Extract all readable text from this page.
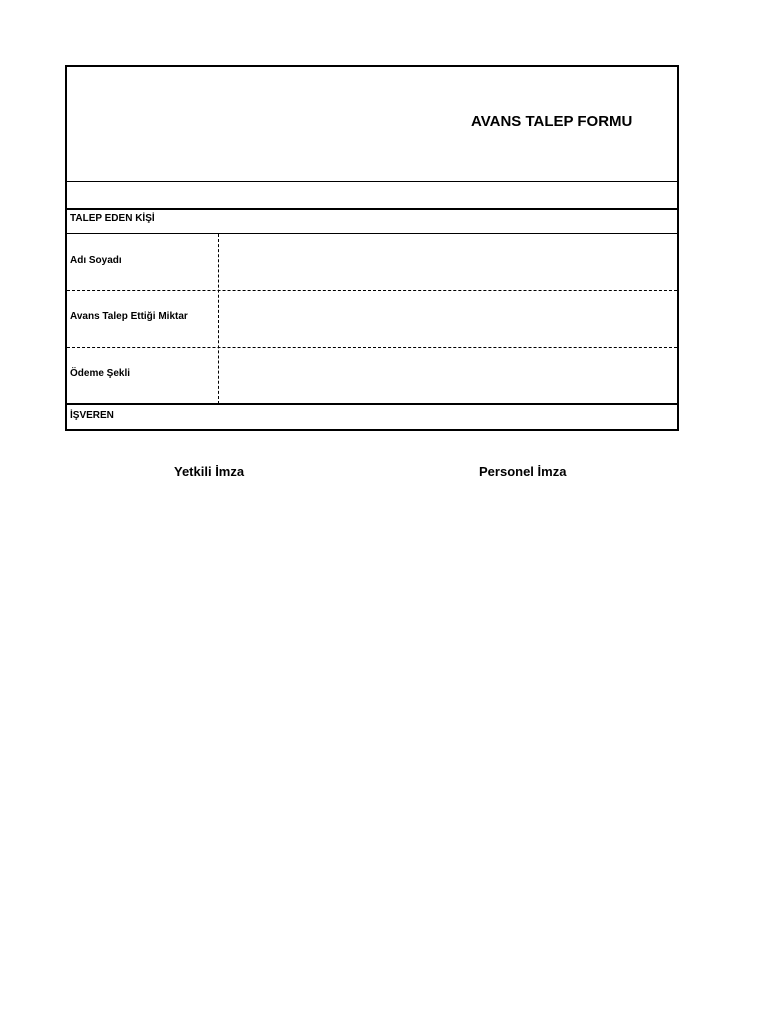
AVANS TALEP FORMU
TALEP EDEN KİŞİ
Adı Soyadı
Avans Talep Ettiği Miktar
Ödeme Şekli
İŞVEREN
Yetkili İmza	Personel İmza
